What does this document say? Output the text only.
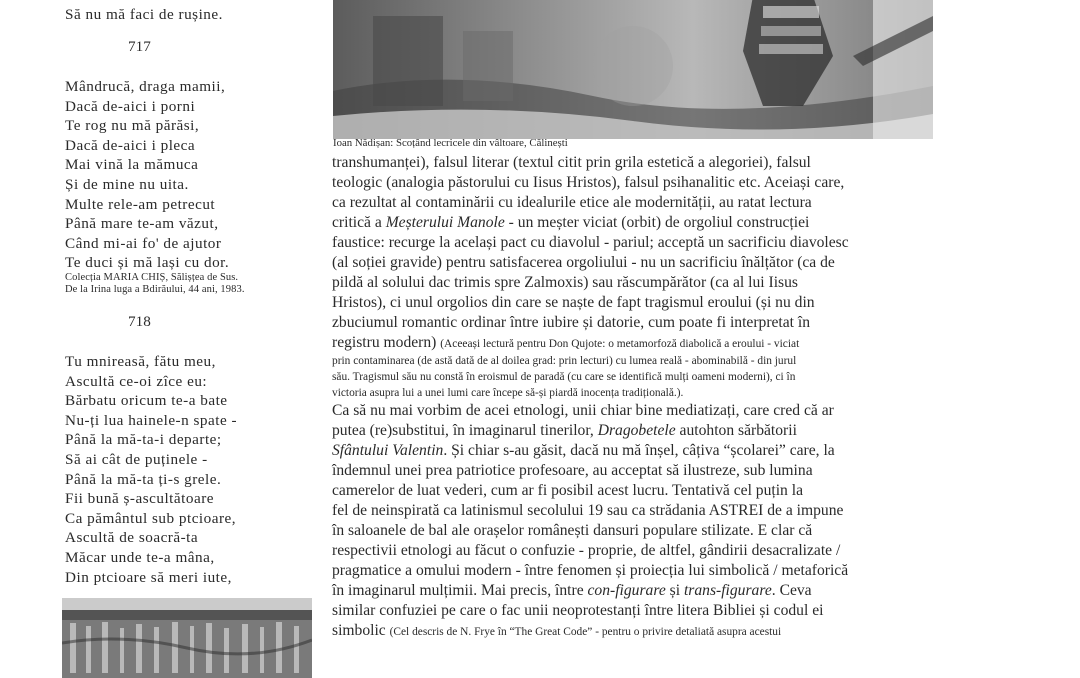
Să nu mă faci de rușine.
717
Mândrucă, draga mamii,
Dacă de-aici i porni
Te rog nu mă părăsi,
Dacă de-aici i pleca
Mai vină la mămuca
Și de mine nu uita.
Multe rele-am petrecut
Până mare te-am văzut,
Când mi-ai fo' de ajutor
Te duci și mă lași cu dor.
Colecția MARIA CHIȘ, Sălișțea de Sus.
De la Irina luga a Bdirăului, 44 ani, 1983.
718
Tu mnireasă, fătu meu,
Ascultă ce-oi zîce eu:
Bărbatu oricum te-a bate
Nu-ți lua hainele-n spate -
Până la mă-ta-i departe;
Să ai cât de puținele -
Până la mă-ta ți-s grele.
Fii bună ș-ascultătoare
Ca pământul sub ptcioare,
Ascultă de soacră-ta
Măcar unde te-a mâna,
Din ptcioare să meri iute,
Ioan Nădișan: Scoțând lecricele din vâltoare, Călinești
transhumanței), falsul literar (textul citit prin grila estetică a alegoriei), falsul
teologic (analogia păstorului cu Iisus Hristos), falsul psihanalitic etc. Aceiași care,
ca rezultat al contaminării cu idealurile etice ale modernității, au ratat lectura
critică a Meșterului Manole - un meșter viciat (orbit) de orgoliul construcției
faustice: recurge la același pact cu diavolul - pariul; acceptă un sacrificiu diavolesc
(al soției gravide) pentru satisfacerea orgoliului - nu un sacrificiu înălțător (ca de
pildă al solului dac trimis spre Zalmoxis) sau răscumpărător (ca al lui Iisus
Hristos), ci unul orgolios din care se naște de fapt tragismul eroului (și nu din
zbuciumul romantic ordinar între iubire și datorie, cum poate fi interpretat în
registru modern) (Aceeași lectură pentru Don Qujote: o metamorfoză diabolică a eroului - viciat
prin contaminarea (de astă dată de al doilea grad: prin lecturi) cu lumea reală - abominabilă - din jurul
său. Tragismul său nu constă în eroismul de paradă (cu care se identifică mulți oameni moderni), ci în
victoria asupra lui a unei lumi care începe să-și piardă inocența tradițională.).
Ca să nu mai vorbim de acei etnologi, unii chiar bine mediatizați, care cred că ar
putea (re)substitui, în imaginarul tinerilor, Dragobetele autohton sărbătorii
Sfântului Valentin. Și chiar s-au găsit, dacă nu mă înșel, câțiva “școlarei” care, la
îndemnul unei prea patriotice profesoare, au acceptat să ilustreze, sub lumina
camerelor de luat vederi, cum ar fi posibil acest lucru. Tentativă cel puțin la
fel de neinspirată ca latinismul secolului 19 sau ca strădania ASTREI de a impune
în saloanele de bal ale orașelor românești dansuri populare stilizate. E clar că
respectivii etnologi au făcut o confuzie - proprie, de altfel, gândirii desacralizate /
pragmatice a omului modern - între fenomen și proiecția lui simbolică / metaforică
în imaginarul mulțimii. Mai precis, între con-figurare și trans-figurare. Ceva
similar confuziei pe care o fac unii neoprotestanți între litera Bibliei și codul ei
simbolic (Cel descris de N. Frye în “The Great Code” - pentru o privire detaliată asupra acestui
